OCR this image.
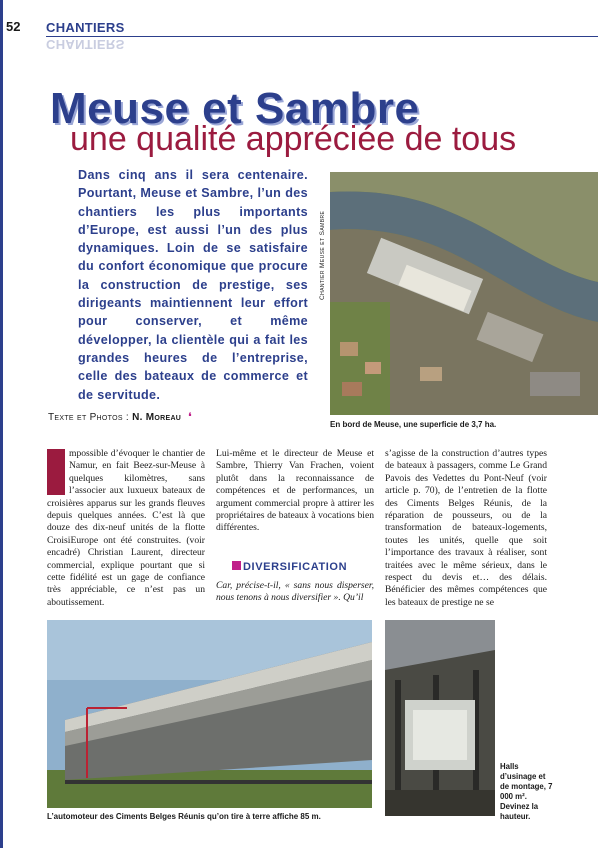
52 CHANTIERS
CHANTIERS
Meuse et Sambre
une qualité appréciée de tous
Dans cinq ans il sera centenaire. Pourtant, Meuse et Sambre, l’un des chantiers les plus importants d’Europe, est aussi l’un des plus dynamiques. Loin de se satisfaire du confort économique que procure la construction de prestige, ses dirigeants maintiennent leur effort pour conserver, et même développer, la clientèle qui a fait les grandes heures de l’entreprise, celle des bateaux de commerce et de servitude.
Texte et Photos : N. Moreau ❛
Chantier Meuse et Sambre
En bord de Meuse, une superficie de 3,7 ha.
mpossible d’évoquer le chantier de Namur, en fait Beez-sur-Meuse à quelques kilomètres, sans l’associer aux luxueux bateaux de croisières apparus sur les grands fleuves depuis quelques années. C’est là que douze des dix-neuf unités de la flotte CroisiEurope ont été construites. (voir encadré) Christian Laurent, directeur commercial, explique pourtant que si cette fidélité est un gage de confiance très appréciable, ce n’est pas un aboutissement.
Lui-même et le directeur de Meuse et Sambre, Thierry Van Frachen, voient plutôt dans la reconnaissance de compétences et de performances, un argument commercial propre à attirer les propriétaires de bateaux à vocations bien différentes.
DIVERSIFICATION
Car, précise-t-il, « sans nous disperser, nous tenons à nous diversifier ». Qu’il
s’agisse de la construction d’autres types de bateaux à passagers, comme Le Grand Pavois des Vedettes du Pont-Neuf (voir article p. 70), de l’entretien de la flotte des Ciments Belges Réunis, de la réparation de pousseurs, ou de la transformation de bateaux-logements, toutes les unités, quelle que soit l’importance des travaux à réaliser, sont traitées avec le même sérieux, dans le respect du devis et… des délais. Bénéficier des mêmes compétences que les bateaux de prestige ne se
L’automoteur des Ciments Belges Réunis qu’on tire à terre affiche 85 m.
Halls d’usinage et de montage, 7 000 m². Devinez la hauteur.
